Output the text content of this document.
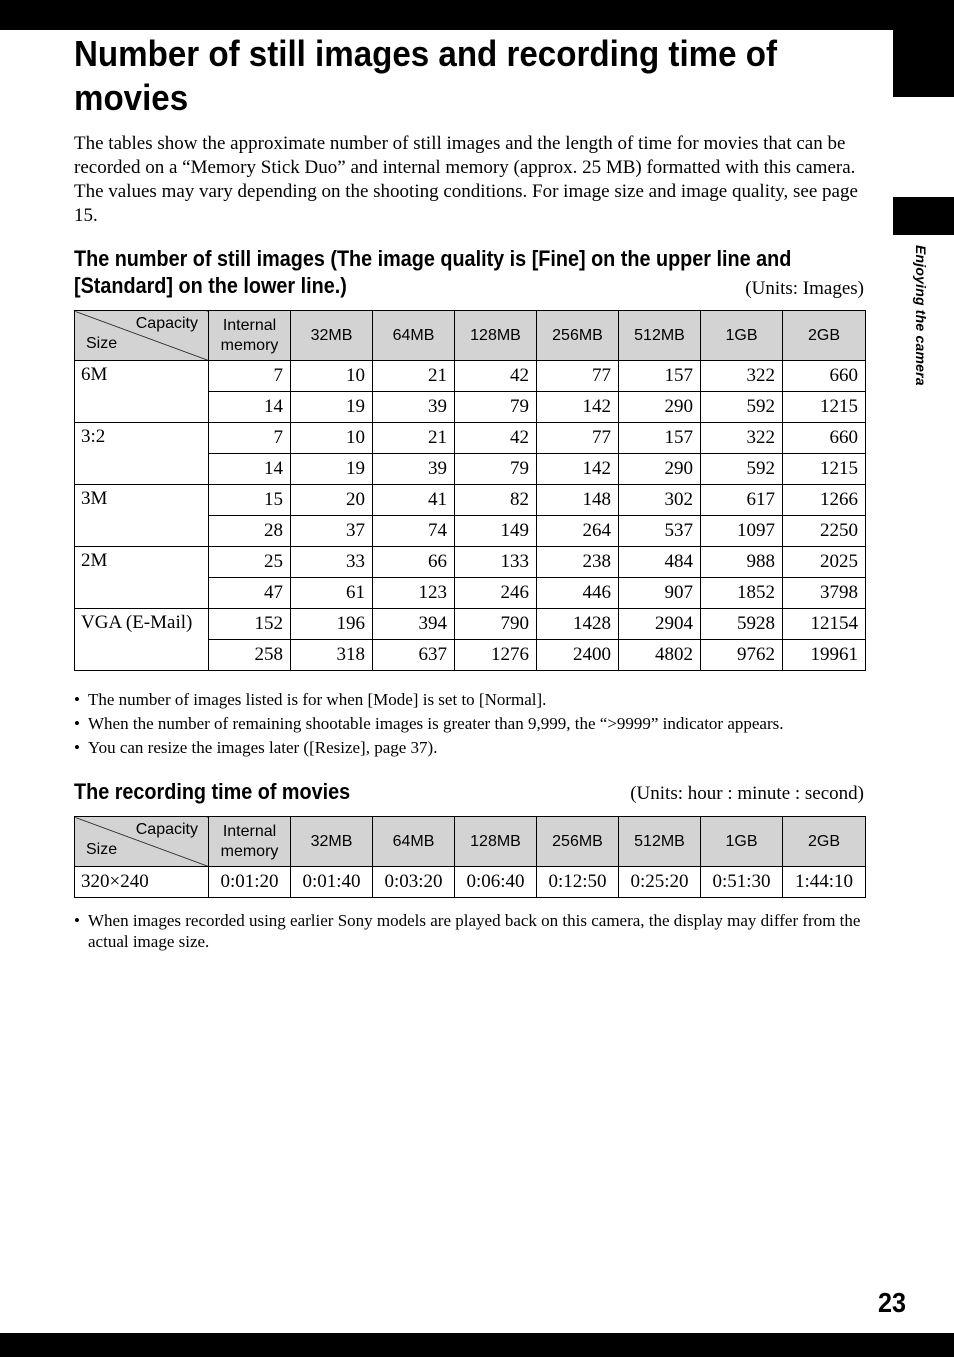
Enjoying the camera
Number of still images and recording time of movies

The tables show the approximate number of still images and the length of time for movies that can be recorded on a “Memory Stick Duo” and internal memory (approx. 25 MB) formatted with this camera. The values may vary depending on the shooting conditions. For image size and image quality, see page 15.

The number of still images (The image quality is [Fine] on the upper line and [Standard] on the lower line.)	(Units: Images)
Capacity
Size	Internal memory	32MB	64MB	128MB	256MB	512MB	1GB	2GB
6M	7	10	21	42	77	157	322	660
	14	19	39	79	142	290	592	1215
3:2	7	10	21	42	77	157	322	660
	14	19	39	79	142	290	592	1215
3M	15	20	41	82	148	302	617	1266
	28	37	74	149	264	537	1097	2250
2M	25	33	66	133	238	484	988	2025
	47	61	123	246	446	907	1852	3798
VGA (E-Mail)	152	196	394	790	1428	2904	5928	12154
	258	318	637	1276	2400	4802	9762	19961
• The number of images listed is for when [Mode] is set to [Normal].
• When the number of remaining shootable images is greater than 9,999, the “>9999” indicator appears.
• You can resize the images later ([Resize], page 37).
The recording time of movies	(Units: hour : minute : second)
Capacity
Size	Internal memory	32MB	64MB	128MB	256MB	512MB	1GB	2GB
320×240	0:01:20	0:01:40	0:03:20	0:06:40	0:12:50	0:25:20	0:51:30	1:44:10
• When images recorded using earlier Sony models are played back on this camera, the display may differ from the actual image size.
23
